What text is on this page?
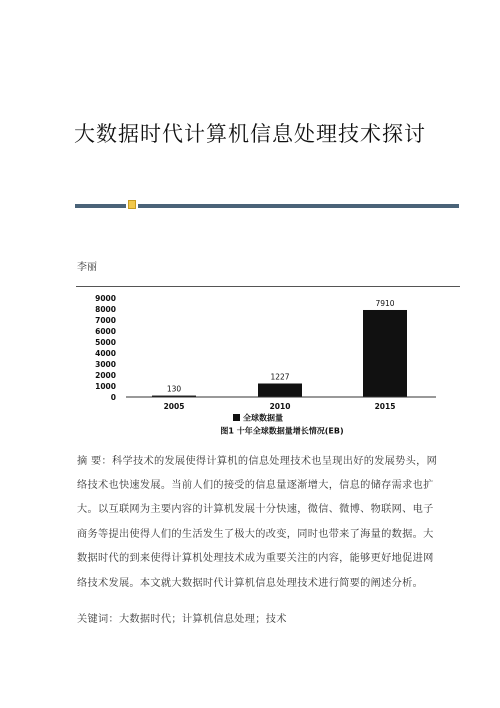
大数据时代计算机信息处理技术探讨
李丽
0
1000
2000
3000
4000
5000
6000
7000
8000
9000
130
1227
7910
2005	2010	2015
全球数据量
图1 十年全球数据量增长情况(EB)
摘 要：科学技术的发展使得计算机的信息处理技术也呈现出好的发展势头，网
络技术也快速发展。当前人们的接受的信息量逐渐增大，信息的储存需求也扩
大。以互联网为主要内容的计算机发展十分快速，微信、微博、物联网、电子
商务等提出使得人们的生活发生了极大的改变，同时也带来了海量的数据。大
数据时代的到来使得计算机处理技术成为重要关注的内容，能够更好地促进网
络技术发展。本文就大数据时代计算机信息处理技术进行简要的阐述分析。
关键词：大数据时代；计算机信息处理；技术
